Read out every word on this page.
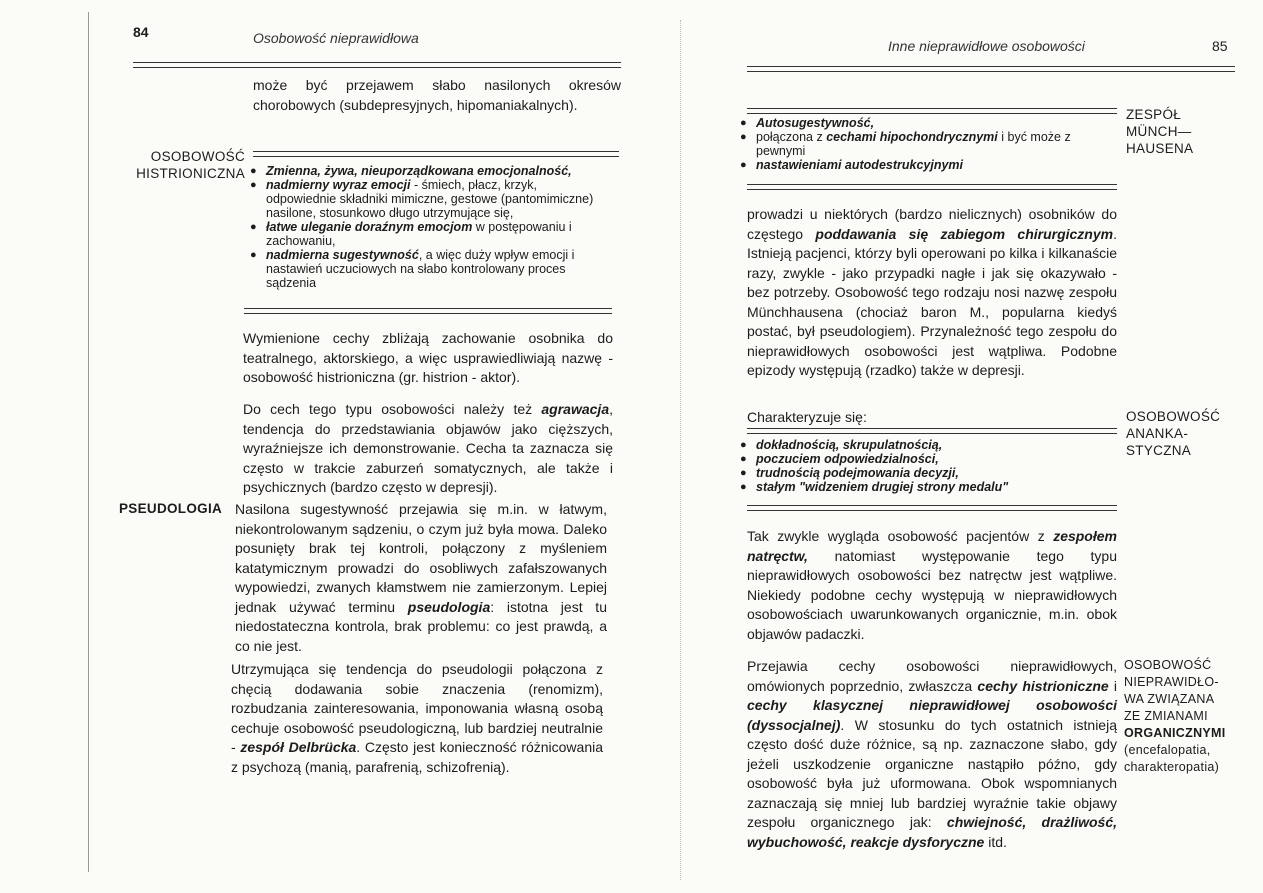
84	Osobowość nieprawidłowa
może być przejawem słabo nasilonych okresów chorobowych (subdepresyjnych, hipomaniakalnych).
OSOBOWOŚĆ
HISTRIONICZNA
●	Zmienna, żywa, nieuporządkowana emocjonalność,
● nadmierny wyraz emocji - śmiech, płacz, krzyk, odpowiednie składniki mimiczne, gestowe (pantomimiczne) nasilone, stosunkowo długo utrzymujące się,
● łatwe uleganie doraźnym emocjom w postępowaniu i zachowaniu,
● nadmierna sugestywność, a więc duży wpływ emocji i nastawień uczuciowych na słabo kontrolowany proces sądzenia
Wymienione cechy zbliżają zachowanie osobnika do teatralnego, aktorskiego, a więc usprawiedliwiają nazwę - osobowość histrioniczna (gr. histrion - aktor).
Do cech tego typu osobowości należy też agrawacja, tendencja do przedstawiania objawów jako cięższych, wyraźniejsze ich demonstrowanie. Cecha ta zaznacza się często w trakcie zaburzeń somatycznych, ale także i psychicznych (bardzo często w depresji).
PSEUDOLOGIA Nasilona sugestywność przejawia się m.in. w łatwym, niekontrolowanym sądzeniu, o czym już była mowa. Daleko posunięty brak tej kontroli, połączony z myśleniem katatymicznym prowadzi do osobliwych zafałszowanych wypowiedzi, zwanych kłamstwem nie zamierzonym. Lepiej jednak używać terminu pseudologia: istotna jest tu niedostateczna kontrola, brak problemu: co jest prawdą, a co nie jest.
Utrzymująca się tendencja do pseudologii połączona z chęcią dodawania sobie znaczenia (renomizm), rozbudzania zainteresowania, imponowania własną osobą cechuje osobowość pseudologiczną, lub bardziej neutralnie - zespół Delbrücka. Często jest konieczność różnicowania z psychozą (manią, parafrenią, schizofrenią).
Inne nieprawidłowe osobowości	85
● Autosugestywność,
● połączona z cechami hipochondrycznymi i być może z pewnymi
● nastawieniami autodestrukcyjnymi
ZESPÓŁ
MÜNCH—
HAUSENA
prowadzi u niektórych (bardzo nielicznych) osobników do częstego poddawania się zabiegom chirurgicznym. Istnieją pacjenci, którzy byli operowani po kilka i kilkanaście razy, zwykle - jako przypadki nagłe i jak się okazywało - bez potrzeby. Osobowość tego rodzaju nosi nazwę zespołu Münchhausena (chociaż baron M., popularna kiedyś postać, był pseudologiem). Przynależność tego zespołu do nieprawidłowych osobowości jest wątpliwa. Podobne epizody występują (rzadko) także w depresji.
Charakteryzuje się:
● dokładnością, skrupulatnością,
● poczuciem odpowiedzialności,
● trudnością podejmowania decyzji,
● stałym "widzeniem drugiej strony medalu"
OSOBOWOŚĆ
ANANKA-
STYCZNA
Tak zwykle wygląda osobowość pacjentów z zespołem natręctw, natomiast występowanie tego typu nieprawidłowych osobowości bez natręctw jest wątpliwe. Niekiedy podobne cechy występują w nieprawidłowych osobowościach uwarunkowanych organicznie, m.in. obok objawów padaczki.
OSOBOWOŚĆ
NIEPRAWIDŁO-
WA ZWIĄZANA
ZE ZMIANAMI
ORGANICZNYMI
(encefalopatia,
charakteropatia)
Przejawia cechy osobowości nieprawidłowych, omówionych poprzednio, zwłaszcza cechy histrioniczne i cechy klasycznej nieprawidłowej osobowości (dyssocjalnej). W stosunku do tych ostatnich istnieją często dość duże różnice, są np. zaznaczone słabo, gdy jeżeli uszkodzenie organiczne nastąpiło późno, gdy osobowość była już uformowana. Obok wspomnianych zaznaczają się mniej lub bardziej wyraźnie takie objawy zespołu organicznego jak: chwiejność, drażliwość, wybuchowość, reakcje dysforyczne itd.
